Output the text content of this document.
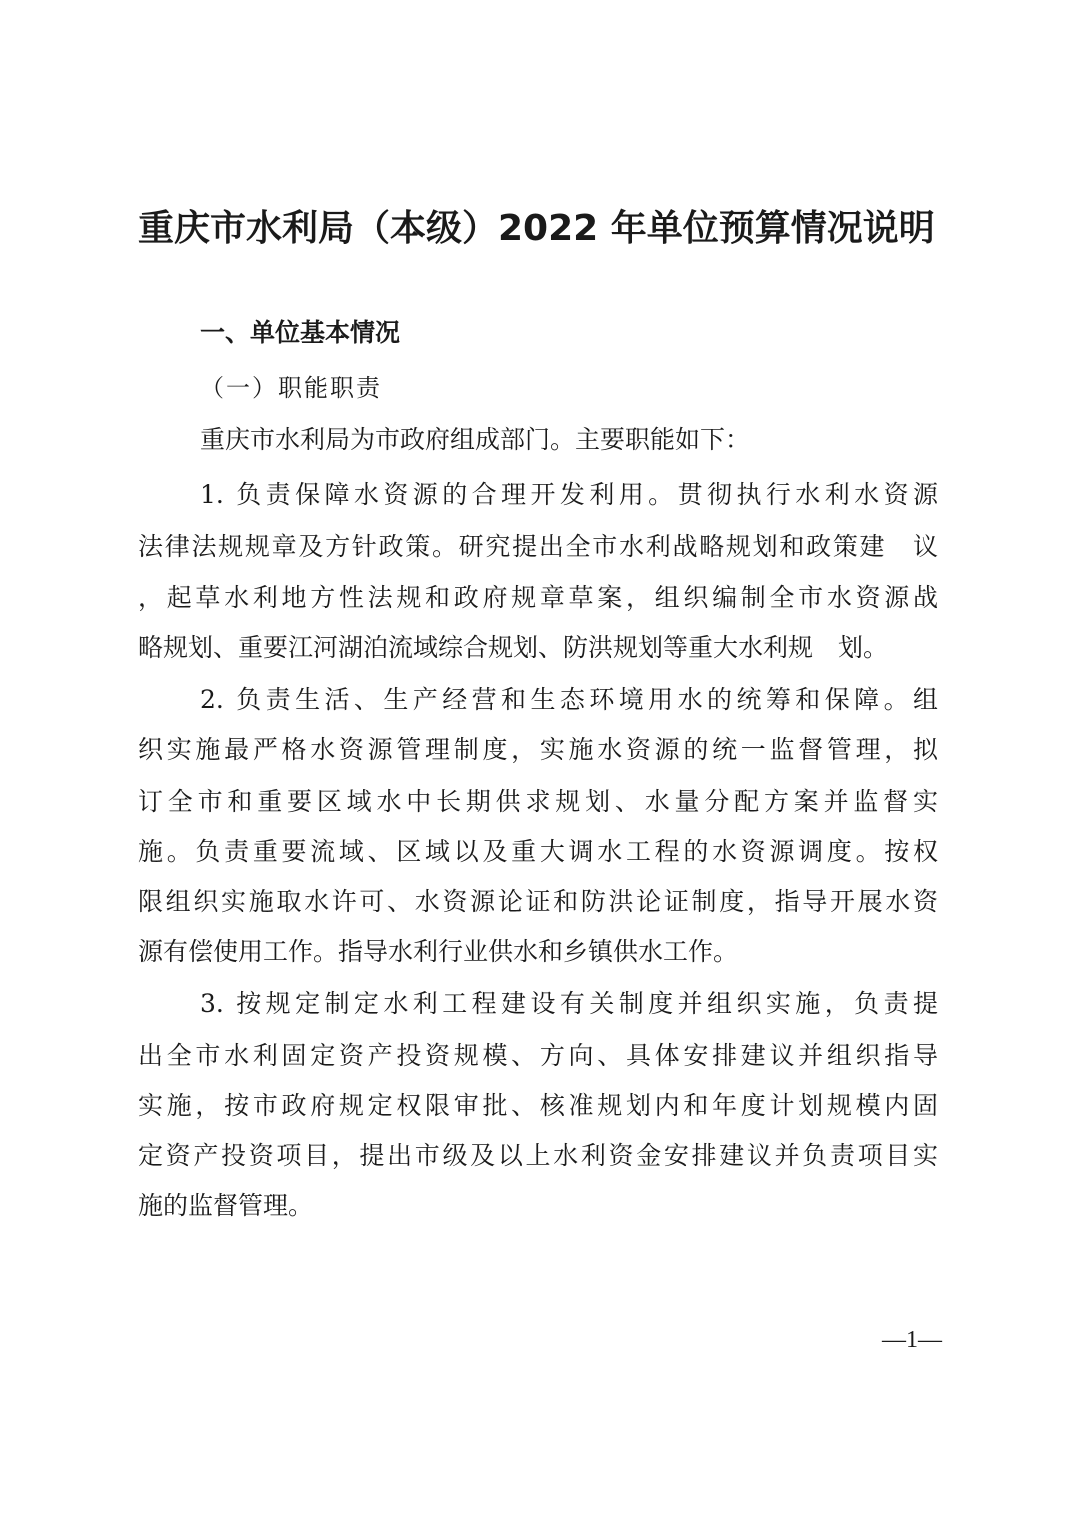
重庆市水利局（本级）2022 年单位预算情况说明
一、单位基本情况
（一）职能职责
重庆市水利局为市政府组成部门。主要职能如下：
1. 负责保障水资源的合理开发利用。贯彻执行水利水资源
法律法规规章及方针政策。研究提出全市水利战略规划和政策建　议
，起草水利地方性法规和政府规章草案，组织编制全市水资源战
略规划、重要江河湖泊流域综合规划、防洪规划等重大水利规　划。
2. 负责生活、生产经营和生态环境用水的统筹和保障。组
织实施最严格水资源管理制度，实施水资源的统一监督管理，拟
订全市和重要区域水中长期供求规划、水量分配方案并监督实
施。负责重要流域、区域以及重大调水工程的水资源调度。按权
限组织实施取水许可、水资源论证和防洪论证制度，指导开展水资
源有偿使用工作。指导水利行业供水和乡镇供水工作。
3. 按规定制定水利工程建设有关制度并组织实施，负责提
出全市水利固定资产投资规模、方向、具体安排建议并组织指导
实施，按市政府规定权限审批、核准规划内和年度计划规模内固
定资产投资项目，提出市级及以上水利资金安排建议并负责项目实
施的监督管理。
—1—
